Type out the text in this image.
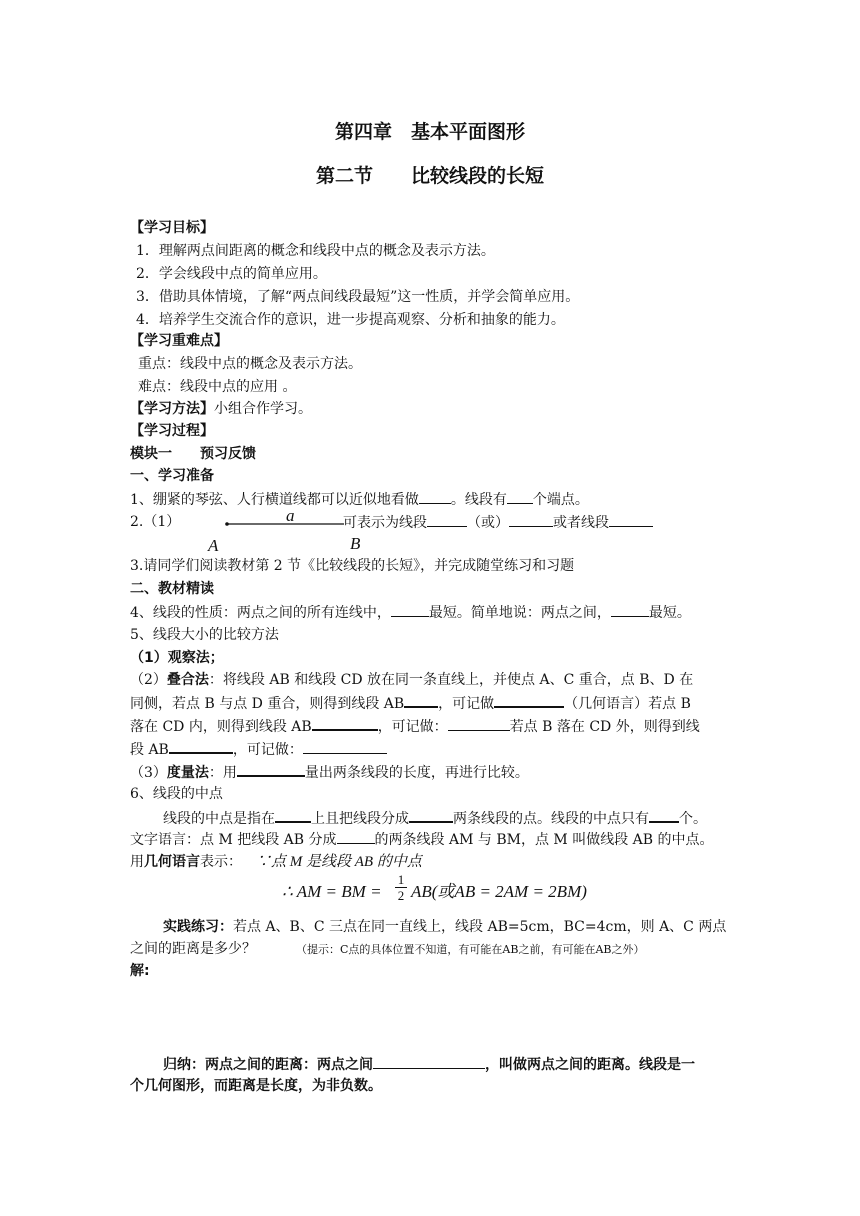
第四章　基本平面图形
第二节　　比较线段的长短
【学习目标】
1．理解两点间距离的概念和线段中点的概念及表示方法。
2．学会线段中点的简单应用。
3．借助具体情境，了解“两点间线段最短”这一性质，并学会简单应用。
4．培养学生交流合作的意识，进一步提高观察、分析和抽象的能力。
【学习重难点】
重点：线段中点的概念及表示方法。
难点：线段中点的应用 。
【学习方法】小组合作学习。
【学习过程】
模块一　　预习反馈
一、学习准备
1、绷紧的琴弦、人行横道线都可以近似地看做 。线段有 个端点。
2.（1）	a
A	B
可表示为线段	（或）	或者线段
3.请同学们阅读教材第 2 节《比较线段的长短》，并完成随堂练习和习题
二、教材精读
4、线段的性质：两点之间的所有连线中，	最短。简单地说：两点之间，	最短。
5、线段大小的比较方法
（1）观察法；
（2）叠合法：将线段 AB 和线段 CD 放在同一条直线上，并使点 A、C 重合，点 B、D 在
同侧，若点 B 与点 D 重合，则得到线段 AB ，可记做	（几何语言）若点 B
落在 CD 内，则得到线段 AB	，可记做：	若点 B 落在 CD 外，则得到线
段 AB	，可记做：
（3）度量法：用	量出两条线段的长度，再进行比较。
6、线段的中点
线段的中点是指在	上且把线段分成	两条线段的点。线段的中点只有 个。
文字语言：点 M 把线段 AB 分成	的两条线段 AM 与 BM，点 M 叫做线段 AB 的中点。
用几何语言表示： ∵点 M 是线段 AB 的中点
∴ AM = BM = $\frac{1}{2} AB$(或AB = 2AM = 2BM)
实践练习：若点 A、B、C 三点在同一直线上，线段 AB=5cm，BC=4cm，则 A、C 两点
之间的距离是多少？	（提示：C点的具体位置不知道，有可能在AB之前，有可能在AB之外）
解:
归纳：两点之间的距离：两点之间	，叫做两点之间的距离。线段是一
个几何图形，而距离是长度，为非负数。
